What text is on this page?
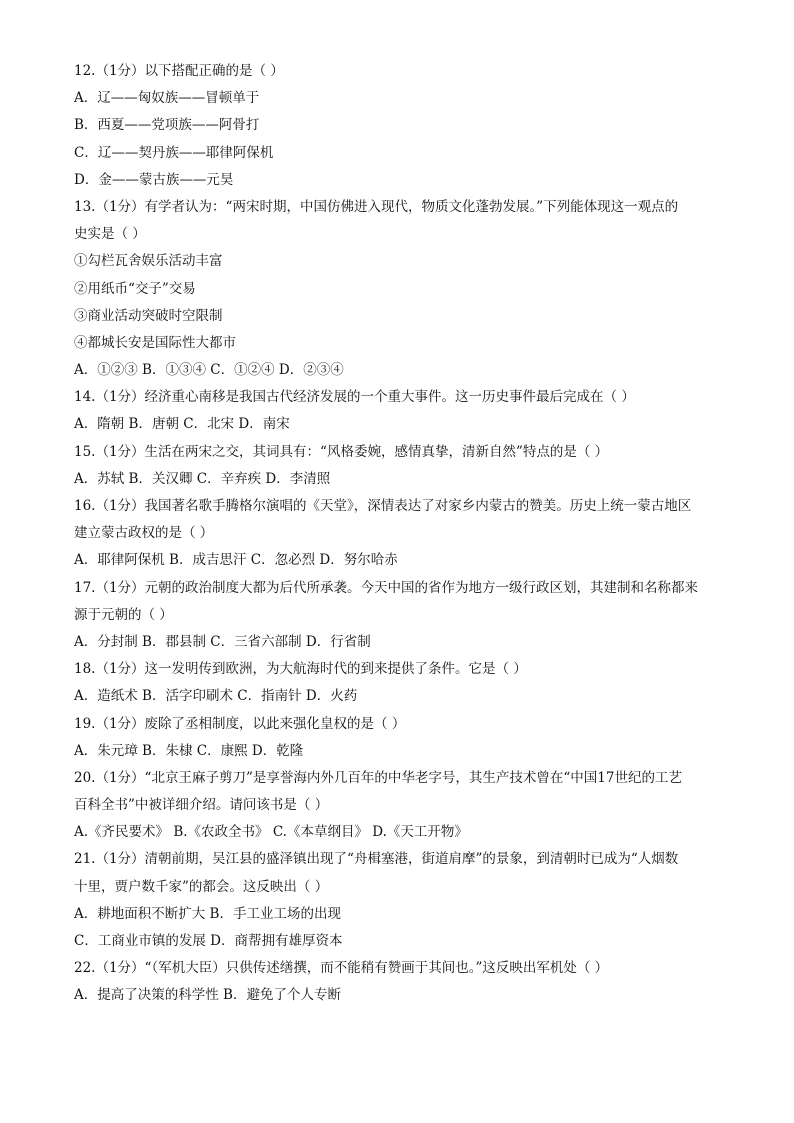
12.（1分）以下搭配正确的是（ ）
A．辽——匈奴族——冒顿单于
B．西夏——党项族——阿骨打
C．辽——契丹族——耶律阿保机
D．金——蒙古族——元昊
13.（1分）有学者认为：“两宋时期，中国仿佛进入现代，物质文化蓬勃发展。”下列能体现这一观点的
史实是（ ）
①勾栏瓦舍娱乐活动丰富
②用纸币“交子”交易
③商业活动突破时空限制
④都城长安是国际性大都市
A．①②③ B．①③④ C．①②④ D．②③④
14.（1分）经济重心南移是我国古代经济发展的一个重大事件。这一历史事件最后完成在（ ）
A．隋朝 B．唐朝 C．北宋 D．南宋
15.（1分）生活在两宋之交，其词具有：“风格委婉，感情真挚，清新自然”特点的是（ ）
A．苏轼 B．关汉卿 C．辛弃疾 D．李清照
16.（1分）我国著名歌手腾格尔演唱的《天堂》，深情表达了对家乡内蒙古的赞美。历史上统一蒙古地区
建立蒙古政权的是（ ）
A．耶律阿保机 B．成吉思汗 C．忽必烈 D．努尔哈赤
17.（1分）元朝的政治制度大都为后代所承袭。今天中国的省作为地方一级行政区划，其建制和名称都来
源于元朝的（ ）
A．分封制 B．郡县制 C．三省六部制 D．行省制
18.（1分）这一发明传到欧洲，为大航海时代的到来提供了条件。它是（ ）
A．造纸术 B．活字印刷术 C．指南针 D．火药
19.（1分）废除了丞相制度，以此来强化皇权的是（ ）
A．朱元璋 B．朱棣 C．康熙 D．乾隆
20.（1分）“北京王麻子剪刀”是享誉海内外几百年的中华老字号，其生产技术曾在“中国17世纪的工艺
百科全书”中被详细介绍。请问该书是（ ）
A.《齐民要术》 B.《农政全书》 C.《本草纲目》 D.《天工开物》
21.（1分）清朝前期，吴江县的盛泽镇出现了“舟楫塞港，街道肩摩”的景象，到清朝时已成为“人烟数
十里，贾户数千家”的都会。这反映出（ ）
A．耕地面积不断扩大 B．手工业工场的出现
C．工商业市镇的发展 D．商帮拥有雄厚资本
22.（1分）“（军机大臣）只供传述缮撰，而不能稍有赞画于其间也。”这反映出军机处（ ）
A．提高了决策的科学性 B．避免了个人专断
